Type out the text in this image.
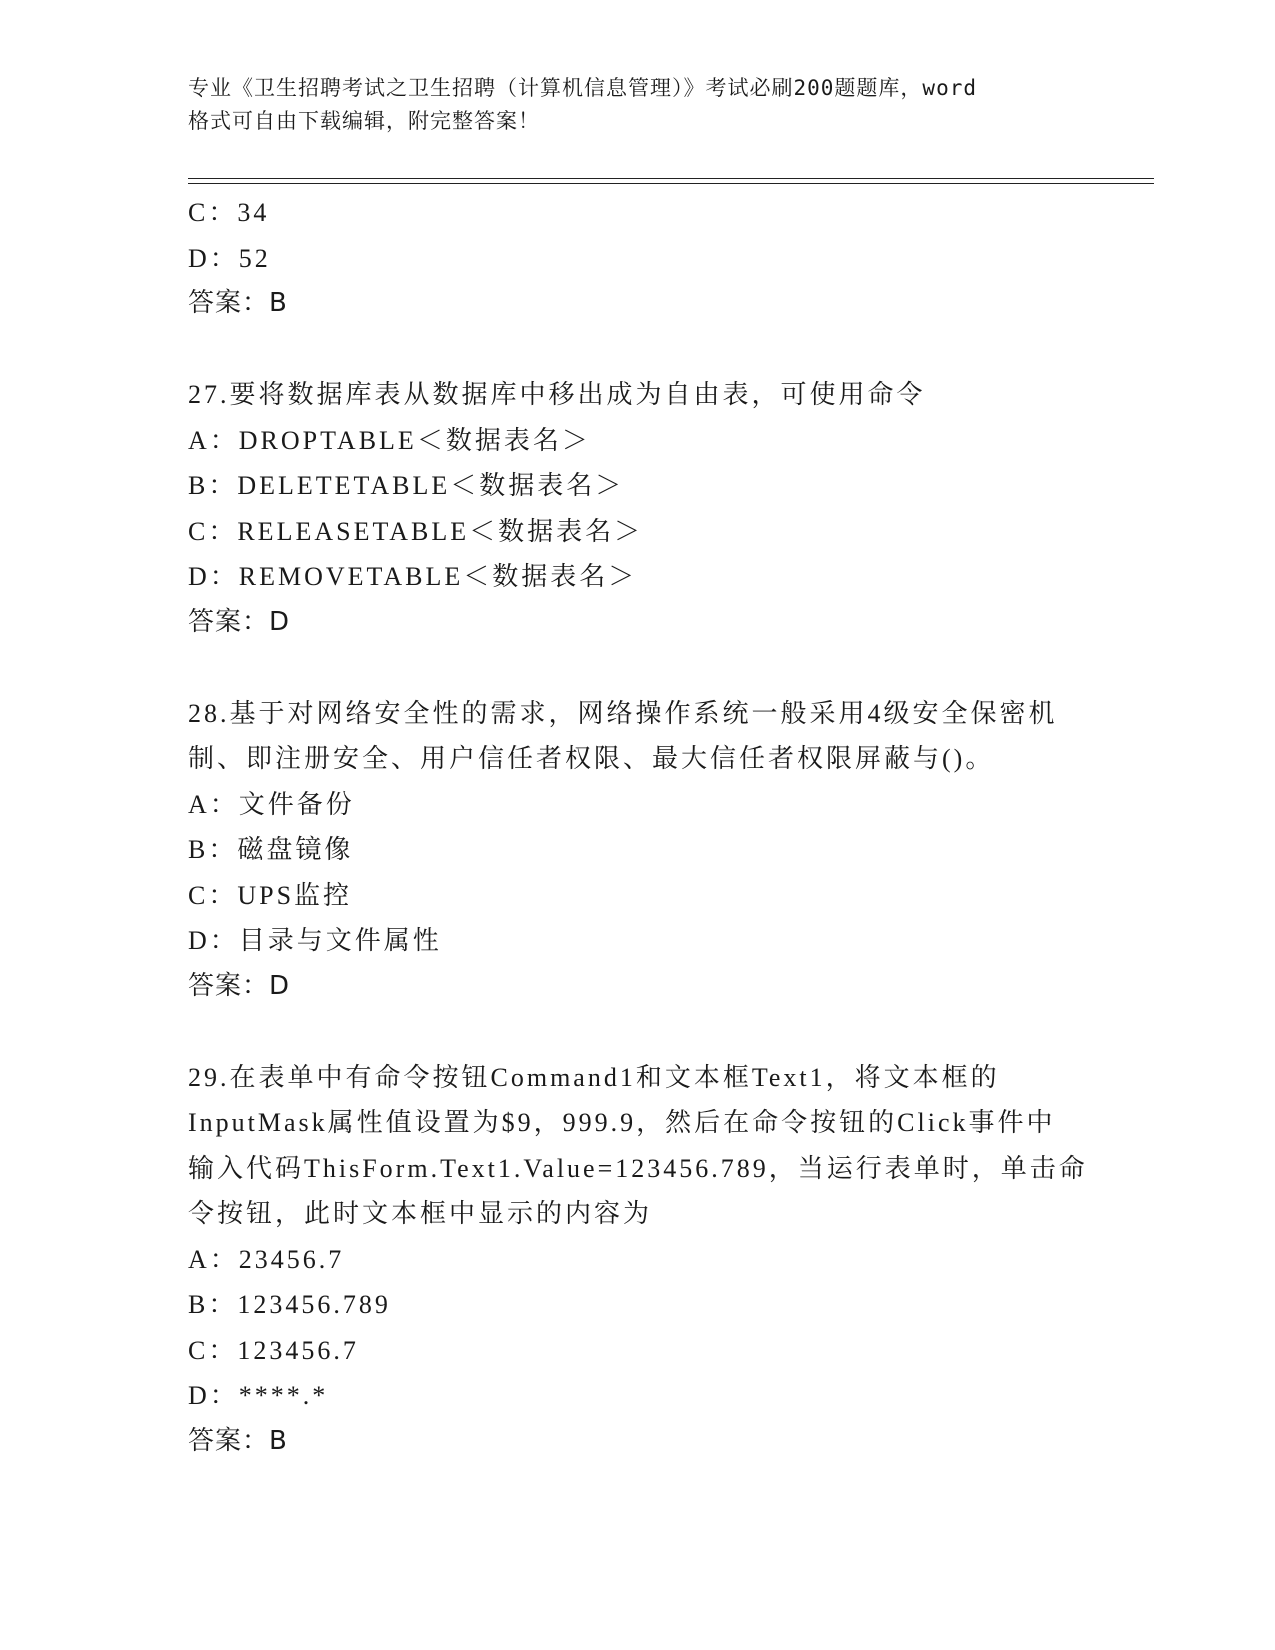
专业《卫生招聘考试之卫生招聘（计算机信息管理）》考试必刷200题题库，word
格式可自由下载编辑，附完整答案！
C：34
D：52
答案：B
27.要将数据库表从数据库中移出成为自由表，可使用命令
A：DROPTABLE＜数据表名＞
B：DELETETABLE＜数据表名＞
C：RELEASETABLE＜数据表名＞
D：REMOVETABLE＜数据表名＞
答案：D
28.基于对网络安全性的需求，网络操作系统一般采用4级安全保密机
制、即注册安全、用户信任者权限、最大信任者权限屏蔽与()。
A：文件备份
B：磁盘镜像
C：UPS监控
D：目录与文件属性
答案：D
29.在表单中有命令按钮Command1和文本框Text1，将文本框的
InputMask属性值设置为$9，999.9，然后在命令按钮的Click事件中
输入代码ThisForm.Text1.Value=123456.789，当运行表单时，单击命
令按钮，此时文本框中显示的内容为
A：23456.7
B：123456.789
C：123456.7
D：****.*
答案：B
